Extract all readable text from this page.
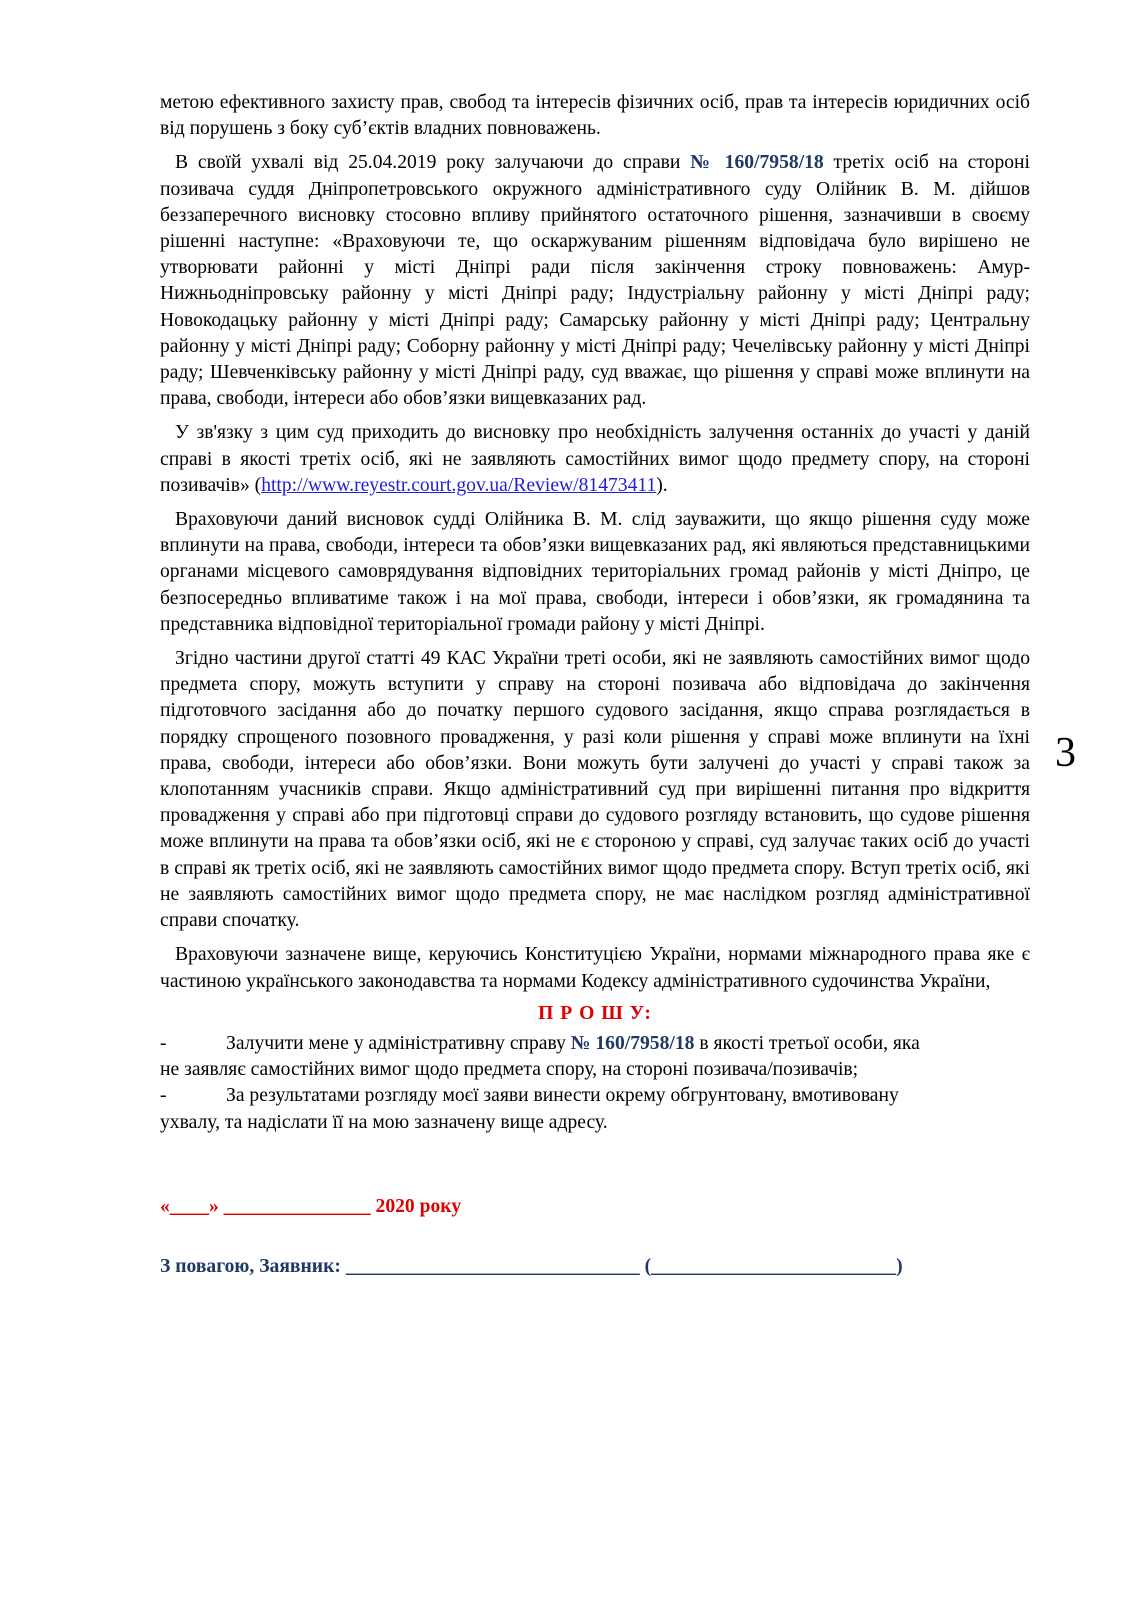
метою ефективного захисту прав, свобод та інтересів фізичних осіб, прав та інтересів юридичних осіб від порушень з боку суб’єктів владних повноважень.

В своїй ухвалі від 25.04.2019 року залучаючи до справи № 160/7958/18 третіх осіб на стороні позивача суддя Дніпропетровського окружного адміністративного суду Олійник В. М. дійшов беззаперечного висновку стосовно впливу прийнятого остаточного рішення, зазначивши в своєму рішенні наступне: «Враховуючи те, що оскаржуваним рішенням відповідача було вирішено не утворювати районні у місті Дніпрі ради після закінчення строку повноважень: Амур-Нижньодніпровську районну у місті Дніпрі раду; Індустріальну районну у місті Дніпрі раду; Новокодацьку районну у місті Дніпрі раду; Самарську районну у місті Дніпрі раду; Центральну районну у місті Дніпрі раду; Соборну районну у місті Дніпрі раду; Чечелівську районну у місті Дніпрі раду; Шевченківську районну у місті Дніпрі раду, суд вважає, що рішення у справі може вплинути на права, свободи, інтереси або обов’язки вищевказаних рад.

У зв'язку з цим суд приходить до висновку про необхідність залучення останніх до участі у даній справі в якості третіх осіб, які не заявляють самостійних вимог щодо предмету спору, на стороні позивачів» (http://www.reyestr.court.gov.ua/Review/81473411).

Враховуючи даний висновок судді Олійника В. М. слід зауважити, що якщо рішення суду може вплинути на права, свободи, інтереси та обов’язки вищевказаних рад, які являються представницькими органами місцевого самоврядування відповідних територіальних громад районів у місті Дніпро, це безпосередньо впливатиме також і на мої права, свободи, інтереси і обов’язки, як громадянина та представника відповідної територіальної громади району у місті Дніпрі.

Згідно частини другої статті 49 КАС України треті особи, які не заявляють самостійних вимог щодо предмета спору, можуть вступити у справу на стороні позивача або відповідача до закінчення підготовчого засідання або до початку першого судового засідання, якщо справа розглядається в порядку спрощеного позовного провадження, у разі коли рішення у справі може вплинути на їхні права, свободи, інтереси або обов’язки. Вони можуть бути залучені до участі у справі також за клопотанням учасників справи. Якщо адміністративний суд при вирішенні питання про відкриття провадження у справі або при підготовці справи до судового розгляду встановить, що судове рішення може вплинути на права та обов’язки осіб, які не є стороною у справі, суд залучає таких осіб до участі в справі як третіх осіб, які не заявляють самостійних вимог щодо предмета спору. Вступ третіх осіб, які не заявляють самостійних вимог щодо предмета спору, не має наслідком розгляд адміністративної справи спочатку.

Враховуючи зазначене вище, керуючись Конституцією України, нормами міжнародного права яке є частиною українського законодавства та нормами Кодексу адміністративного судочинства України,

П Р О Ш У:

-	Залучити мене у адміністративну справу № 160/7958/18 в якості третьої особи, яка
не заявляє самостійних вимог щодо предмета спору, на стороні позивача/позивачів;
-	За результатами розгляду моєї заяви винести окрему обгрунтовану, вмотивовану
ухвалу, та надіслати її на мою зазначену вище адресу.

«____» _______________ 2020 року

З повагою, Заявник: ______________________________ (_________________________)

3
